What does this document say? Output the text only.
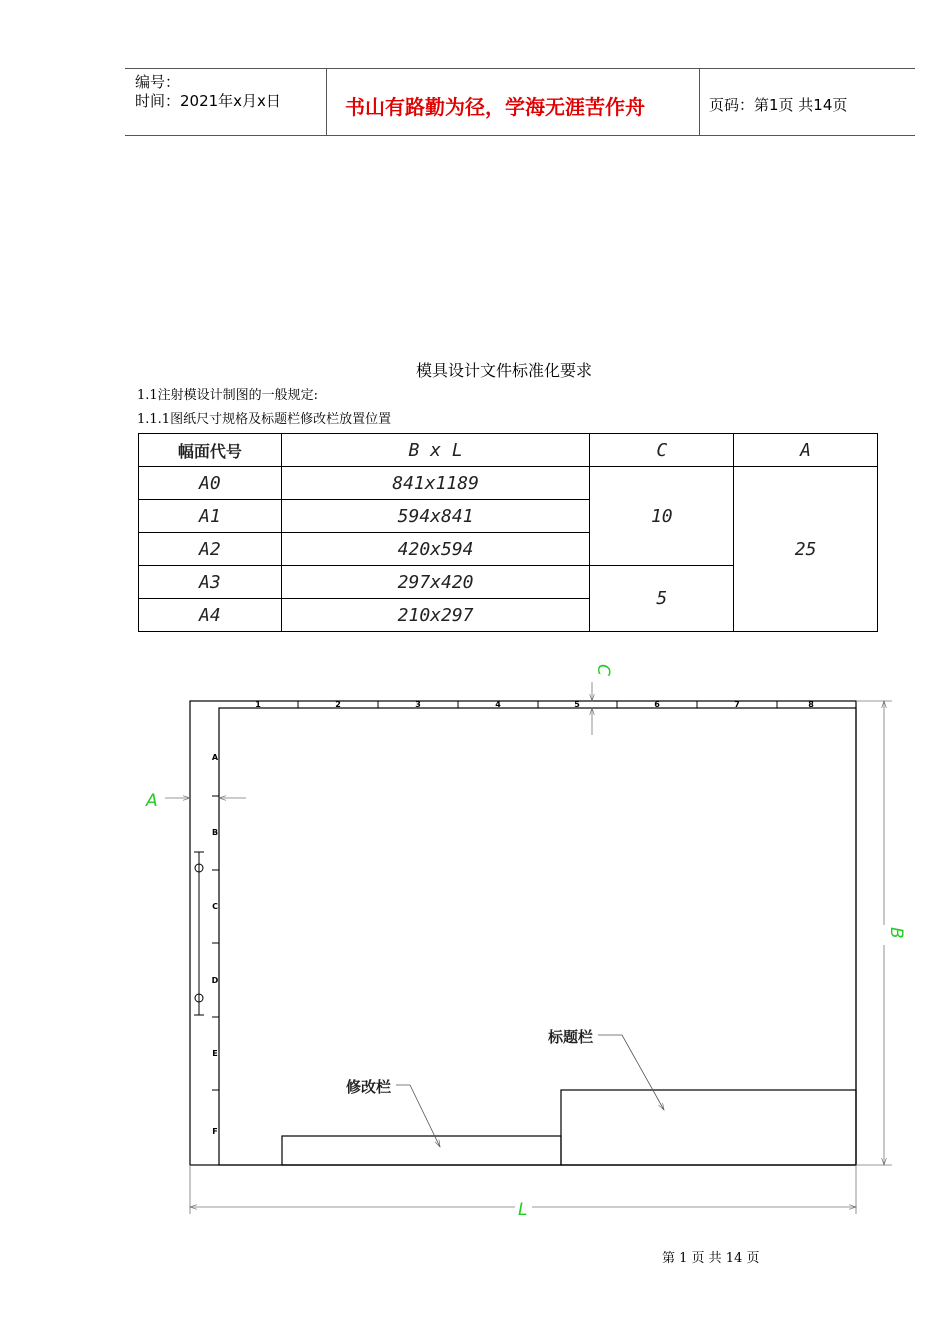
编号：
时间：2021年x月x日	书山有路勤为径，学海无涯苦作舟	页码：第1页 共14页
模具设计文件标准化要求
1.1注射模设计制图的一般规定:
1.1.1图纸尺寸规格及标题栏修改栏放置位置
幅面代号	B x L	C	A
A0	841x1189	10	25
A1	594x841		
A2	420x594		
A3	297x420	5	
A4	210x297		
1	2	3	4	5	6	7	8
A
B
C
D
E
F
修改栏
标题栏
C
A
B
L
第 1 页 共 14 页
